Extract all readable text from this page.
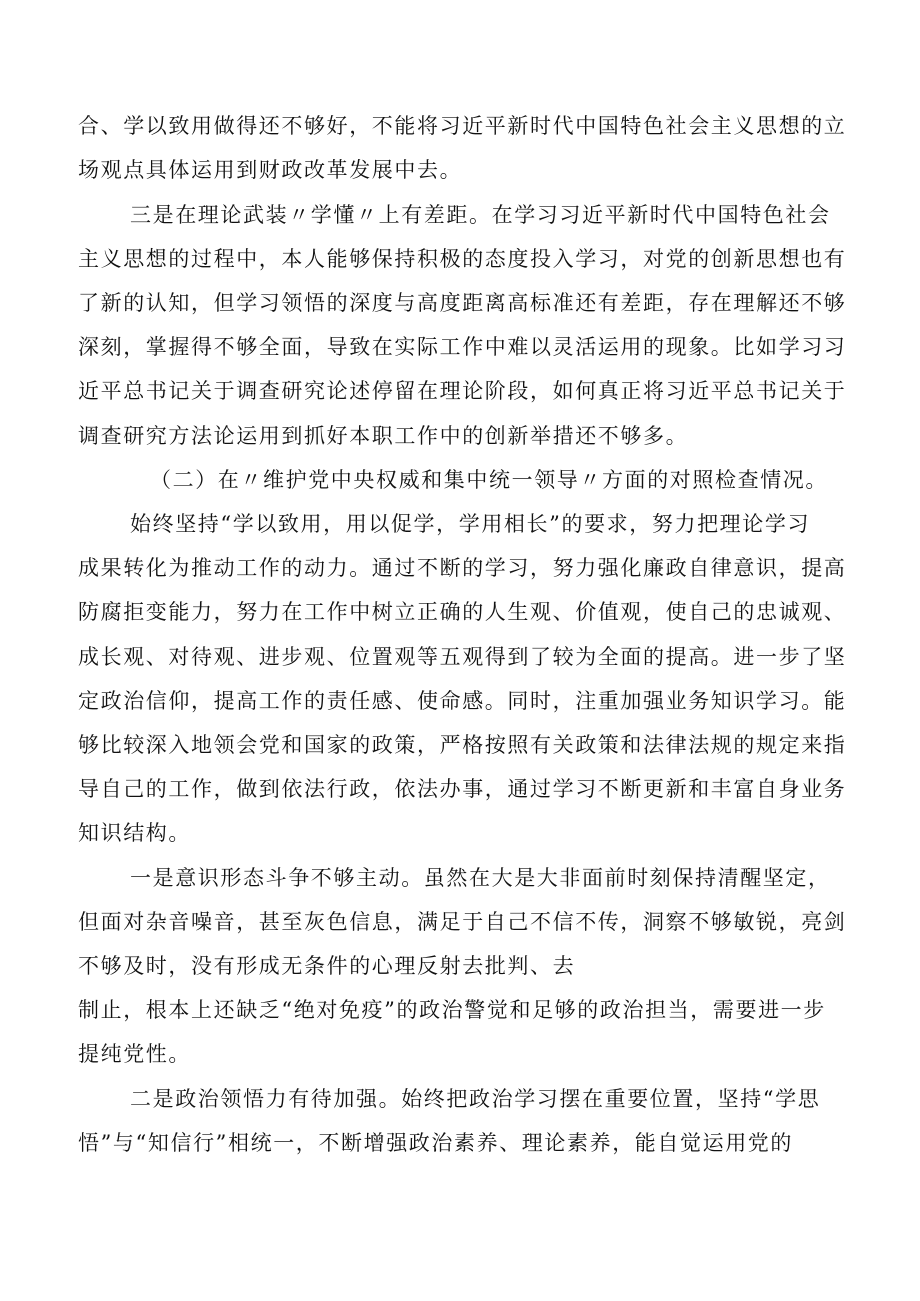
合、学以致用做得还不够好，不能将习近平新时代中国特色社会主义思想的立
场观点具体运用到财政改革发展中去。
三是在理论武装〃学懂〃上有差距。在学习习近平新时代中国特色社会
主义思想的过程中，本人能够保持积极的态度投入学习，对党的创新思想也有
了新的认知，但学习领悟的深度与高度距离高标准还有差距，存在理解还不够
深刻，掌握得不够全面，导致在实际工作中难以灵活运用的现象。比如学习习
近平总书记关于调查研究论述停留在理论阶段，如何真正将习近平总书记关于
调查研究方法论运用到抓好本职工作中的创新举措还不够多。
（二）在〃维护党中央权威和集中统一领导〃方面的对照检查情况。
始终坚持“学以致用，用以促学，学用相长”的要求，努力把理论学习
成果转化为推动工作的动力。通过不断的学习，努力强化廉政自律意识，提高
防腐拒变能力，努力在工作中树立正确的人生观、价值观，使自己的忠诚观、
成长观、对待观、进步观、位置观等五观得到了较为全面的提高。进一步了坚
定政治信仰，提高工作的责任感、使命感。同时，注重加强业务知识学习。能
够比较深入地领会党和国家的政策，严格按照有关政策和法律法规的规定来指
导自己的工作，做到依法行政，依法办事，通过学习不断更新和丰富自身业务
知识结构。
一是意识形态斗争不够主动。虽然在大是大非面前时刻保持清醒坚定，
但面对杂音噪音，甚至灰色信息，满足于自己不信不传，洞察不够敏锐，亮剑
不够及时，没有形成无条件的心理反射去批判、去
制止，根本上还缺乏“绝对免疫”的政治警觉和足够的政治担当，需要进一步
提纯党性。
二是政治领悟力有待加强。始终把政治学习摆在重要位置，坚持“学思
悟”与“知信行”相统一，不断增强政治素养、理论素养，能自觉运用党的
